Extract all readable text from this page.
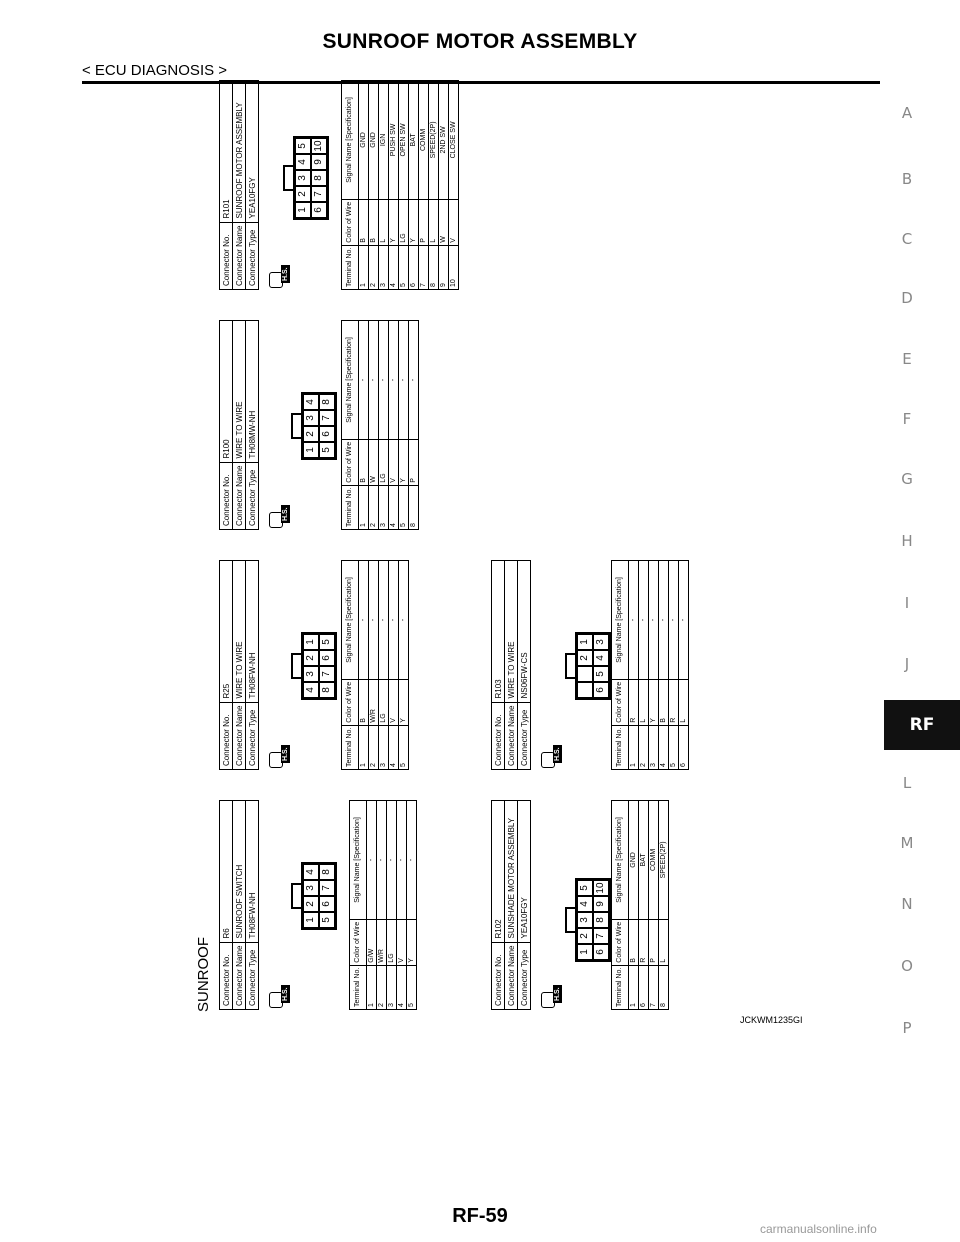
SUNROOF MOTOR ASSEMBLY
< ECU DIAGNOSIS >
A
B
C
D
E
F
G
H
I
J
RF
L
M
N
O
P
SUNROOF Connector No.	R6
Connector Name	SUNROOF SWITCH
Connector Type	TH08FW-NH
H.S.
1
2
3
4
5
6
7
8
Terminal No.	Color of Wire	Signal Name [Specification]
1	G/W	-
2	W/R	-
3	LG	-
4	V	-
5	Y	-
Connector No.	R25
Connector Name	WIRE TO WIRE
Connector Type	TH08FW-NH
H.S.
4
3
2
1
8
7
6
5
Terminal No.	Color of Wire	Signal Name [Specification]
1	B	-
2	W/R	-
3	LG	-
4	V	-
5	Y	-
Connector No.	R100
Connector Name	WIRE TO WIRE
Connector Type	TH08MW-NH
H.S.
1
2
3
4
5
6
7
8
Terminal No.	Color of Wire	Signal Name [Specification]
1	B	-
2	W	-
3	LG	-
4	V	-
5	Y	-
8	P	-
Connector No.	R101
Connector Name	SUNROOF MOTOR ASSEMBLY
Connector Type	YEA10FGY
H.S.
1
2
3
4
5
6
7
8
9
10
Terminal No.	Color of Wire	Signal Name [Specification]
1	B	GND
2	B	GND
3	L	IGN
4	Y	PUSH SW
5	LG	OPEN SW
6	Y	BAT
7	P	COMM
8	L	SPEED(2P)
9	W	2ND SW
10	V	CLOSE SW
Connector No.	R102
Connector Name	SUNSHADE MOTOR ASSEMBLY
Connector Type	YEA10FGY
H.S.
1
2
3
4
5
6
7
8
9
10
Terminal No.	Color of Wire	Signal Name [Specification]
1	B	GND
6	R	BAT
7	P	COMM
8	L	SPEED(2P)
Connector No.	R103
Connector Name	WIRE TO WIRE
Connector Type	NS06FW-CS
H.S.
2
1
6
5
4
3
Terminal No.	Color of Wire	Signal Name [Specification]
1	R	-
2	L	-
3	Y	-
4	B	-
5	R	-
6	L	-
JCKWM1235GI
RF-59
carmanualsonline.info
